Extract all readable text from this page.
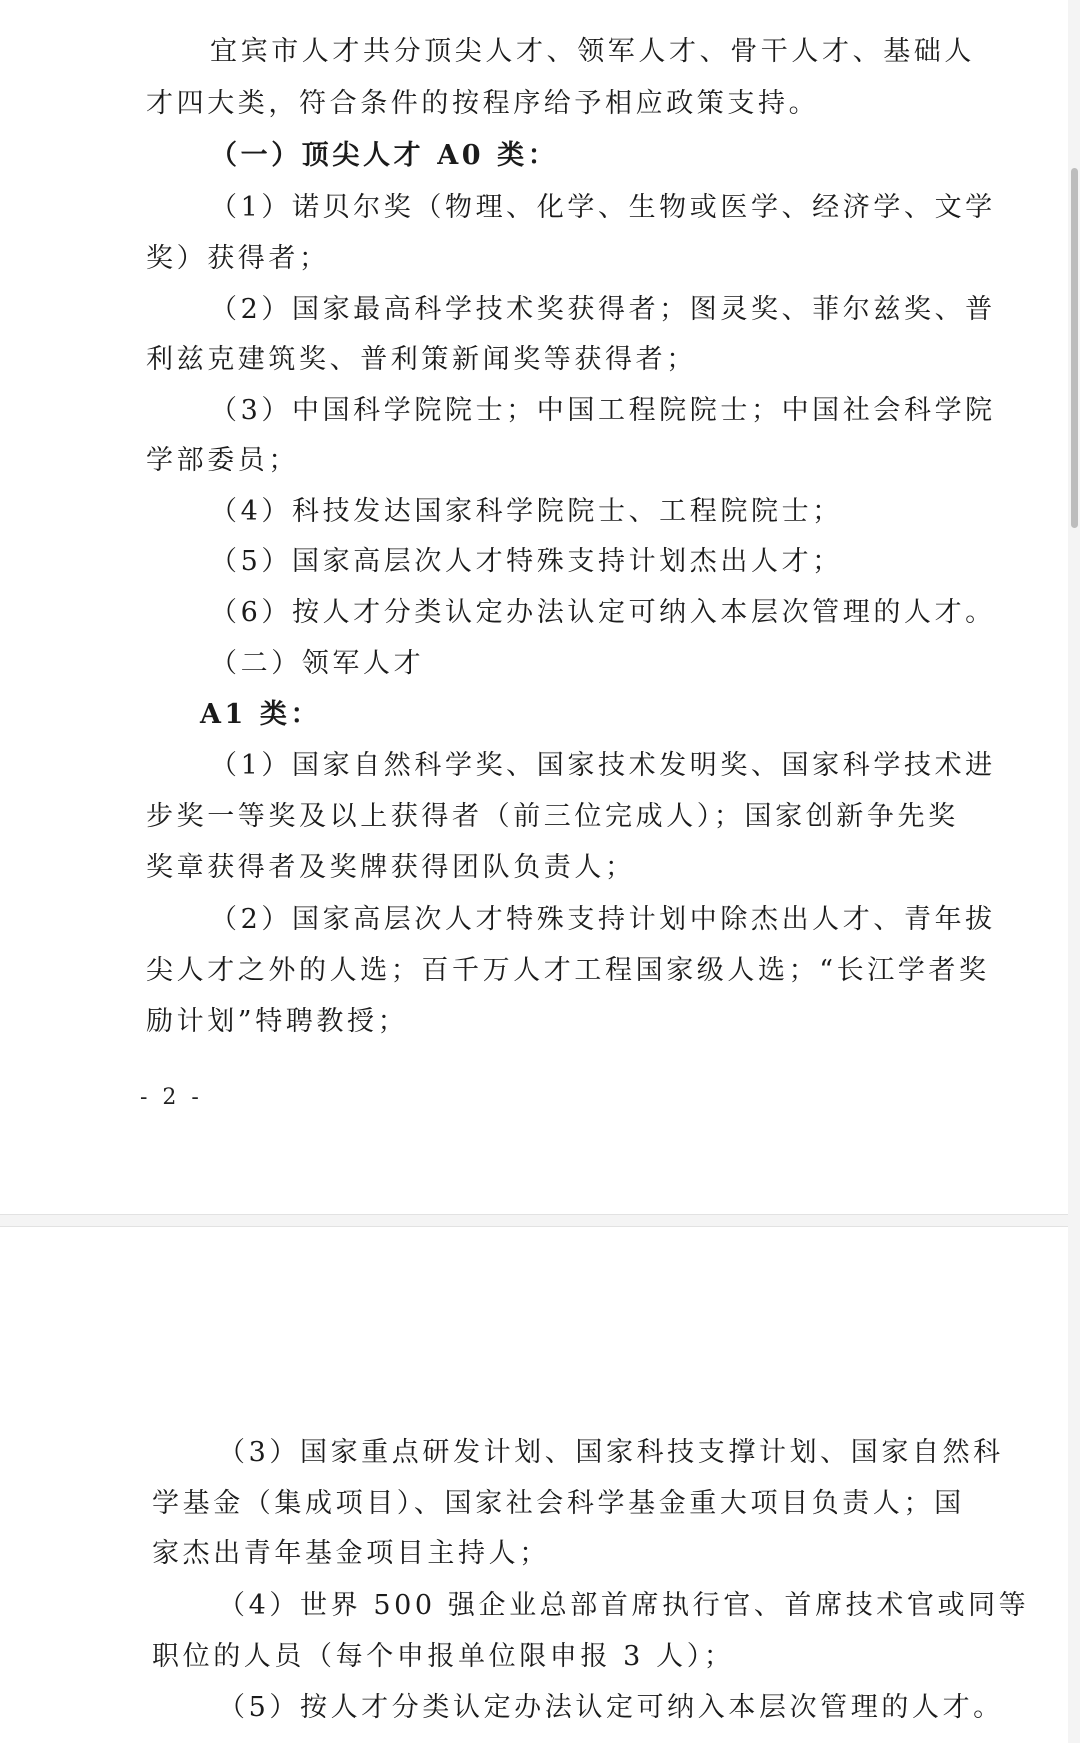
宜宾市人才共分顶尖人才、领军人才、骨干人才、基础人

才四大类，符合条件的按程序给予相应政策支持。

（一）顶尖人才 A0 类：

（1）诺贝尔奖（物理、化学、生物或医学、经济学、文学

奖）获得者；

（2）国家最高科学技术奖获得者；图灵奖、菲尔兹奖、普

利兹克建筑奖、普利策新闻奖等获得者；

（3）中国科学院院士；中国工程院院士；中国社会科学院

学部委员；

（4）科技发达国家科学院院士、工程院院士；

（5）国家高层次人才特殊支持计划杰出人才；

（6）按人才分类认定办法认定可纳入本层次管理的人才。

（二）领军人才

A1 类：

（1）国家自然科学奖、国家技术发明奖、国家科学技术进

步奖一等奖及以上获得者（前三位完成人）；国家创新争先奖

奖章获得者及奖牌获得团队负责人；

（2）国家高层次人才特殊支持计划中除杰出人才、青年拔

尖人才之外的人选；百千万人才工程国家级人选；“长江学者奖

励计划”特聘教授；

- 2 -

（3）国家重点研发计划、国家科技支撑计划、国家自然科

学基金（集成项目）、国家社会科学基金重大项目负责人；国

家杰出青年基金项目主持人；

（4）世界 500 强企业总部首席执行官、首席技术官或同等

职位的人员（每个申报单位限申报 3 人）；

（5）按人才分类认定办法认定可纳入本层次管理的人才。
